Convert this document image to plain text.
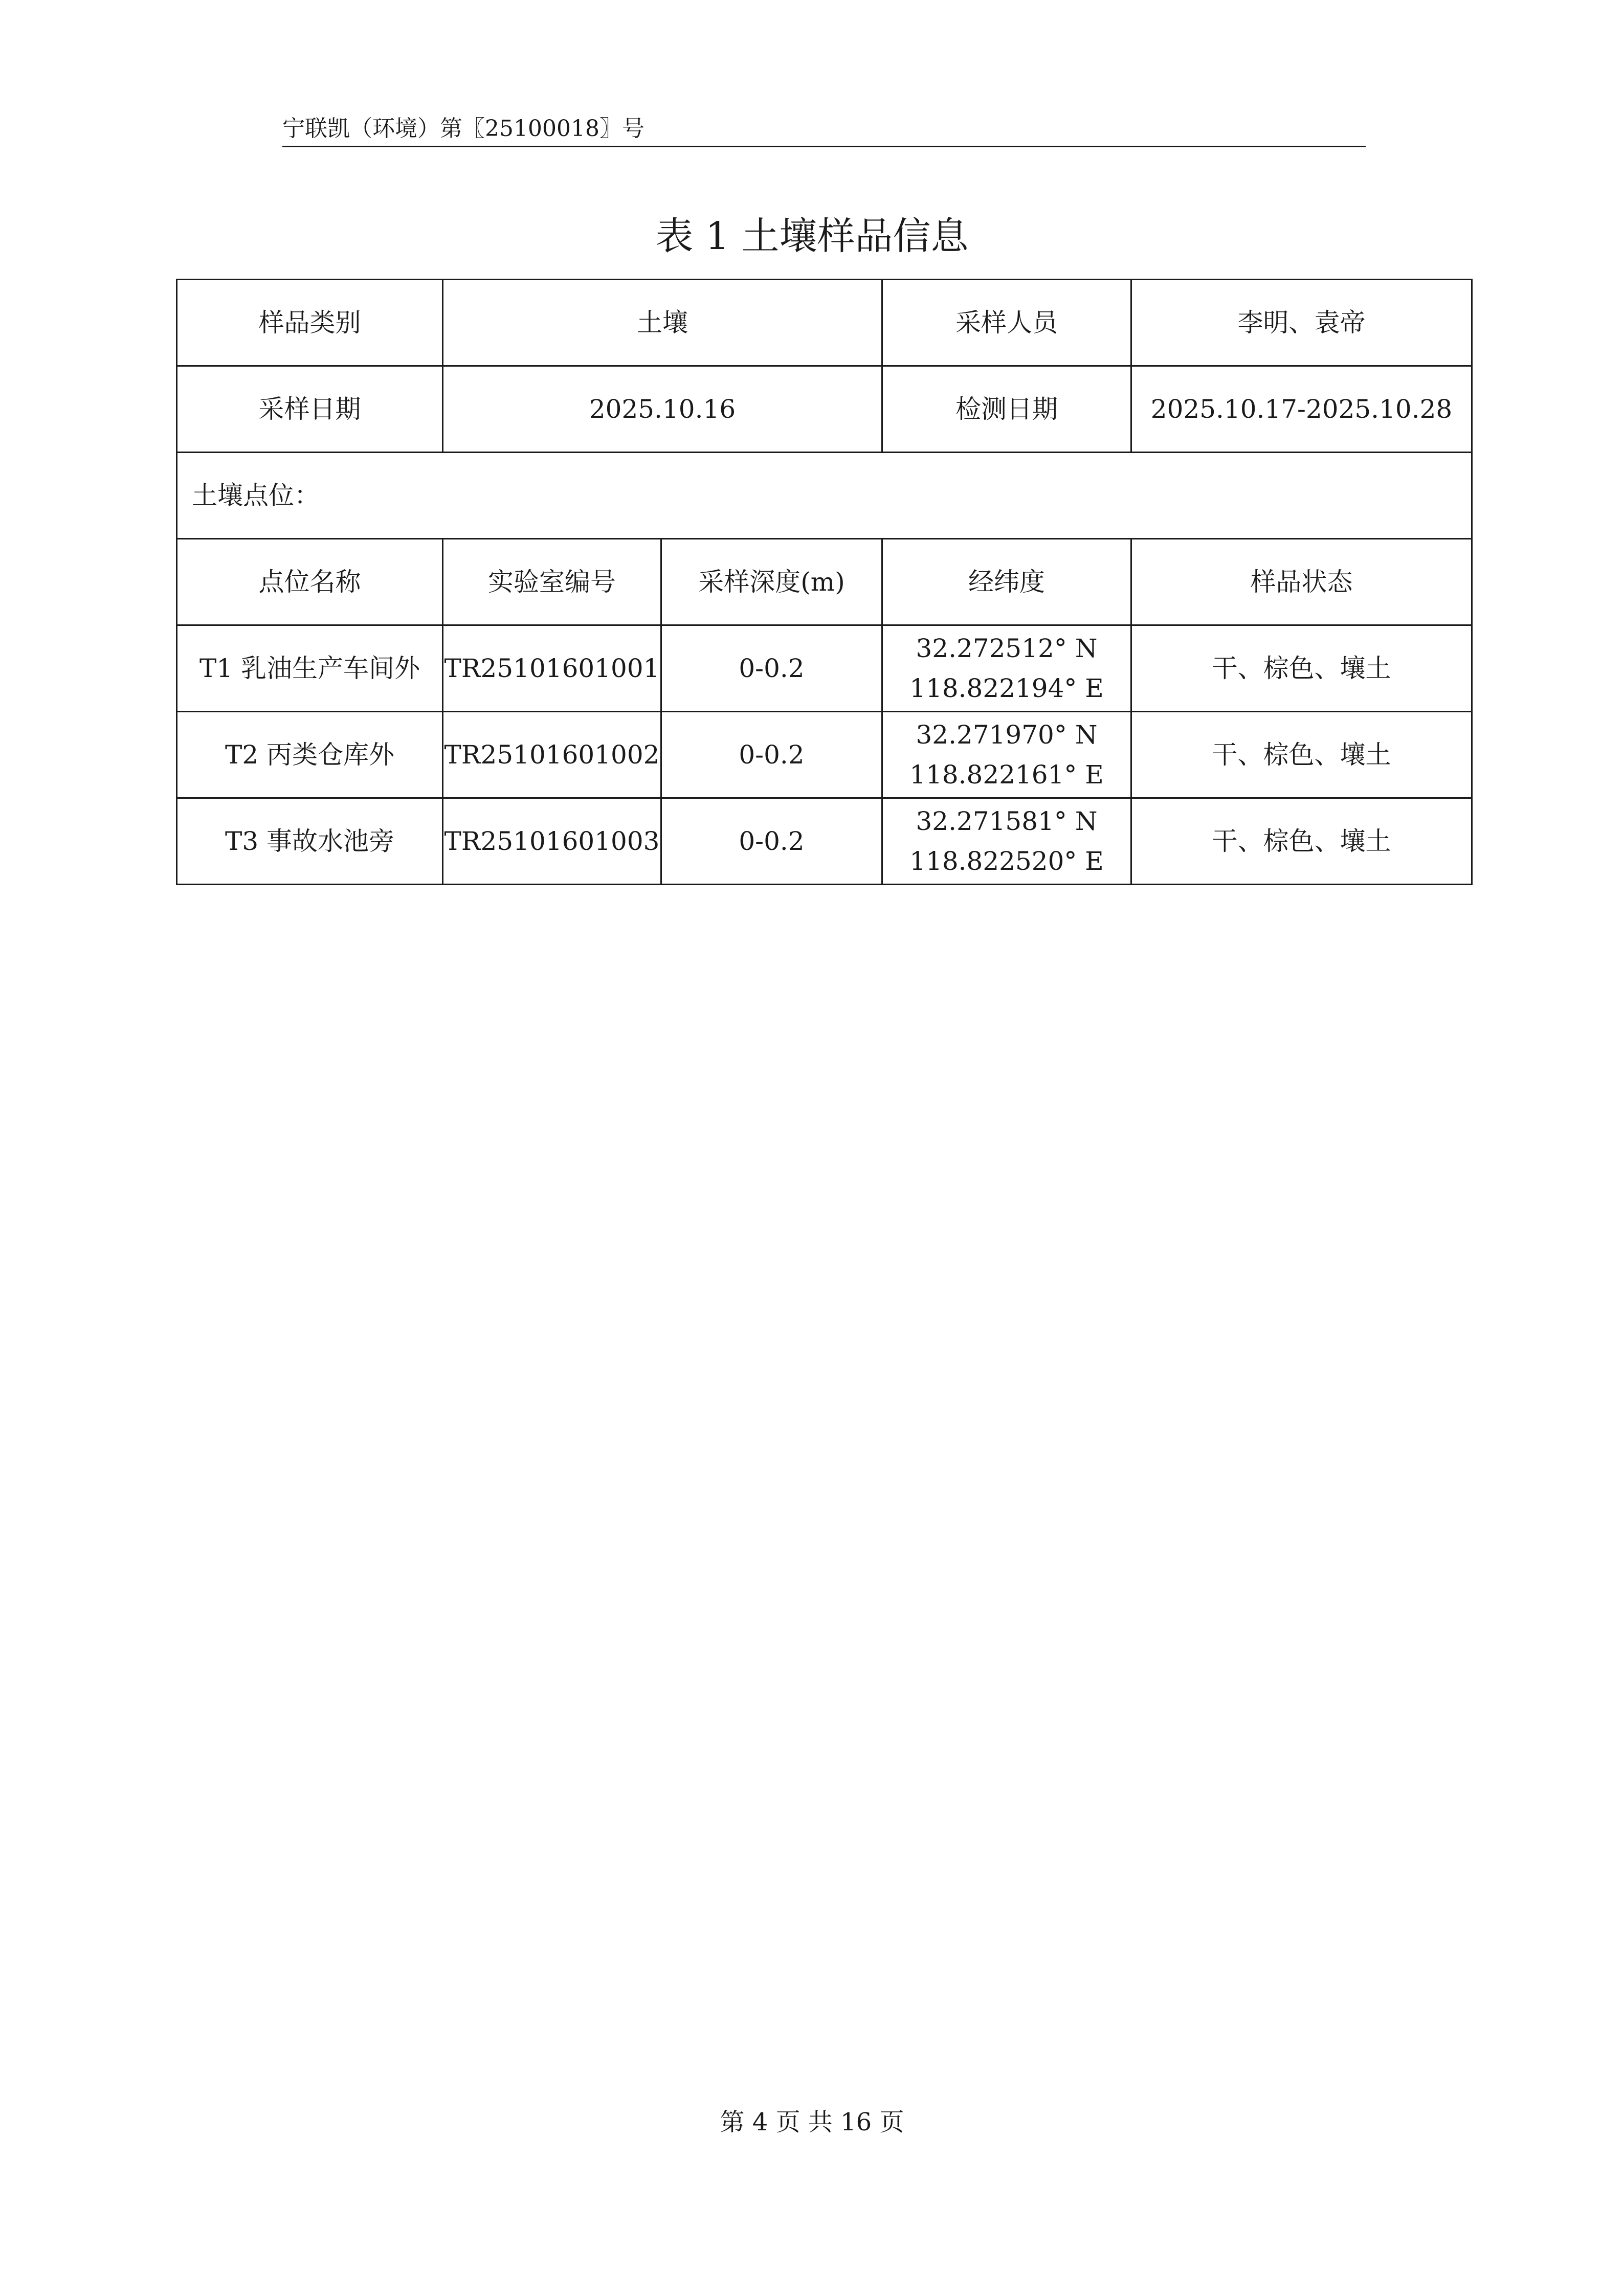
宁联凯（环境）第〖25100018〗号
表 1 土壤样品信息
样品类别	土壤		采样人员	李明、袁帝
采样日期	2025.10.16		检测日期	2025.10.17-2025.10.28
土壤点位：				
点位名称	实验室编号	采样深度(m)	经纬度	样品状态
T1 乳油生产车间外	TR25101601001	0-0.2	32.272512° N
118.822194° E	干、棕色、壤土
T2 丙类仓库外	TR25101601002	0-0.2	32.271970° N
118.822161° E	干、棕色、壤土
T3 事故水池旁	TR25101601003	0-0.2	32.271581° N
118.822520° E	干、棕色、壤土
第 4 页 共 16 页
